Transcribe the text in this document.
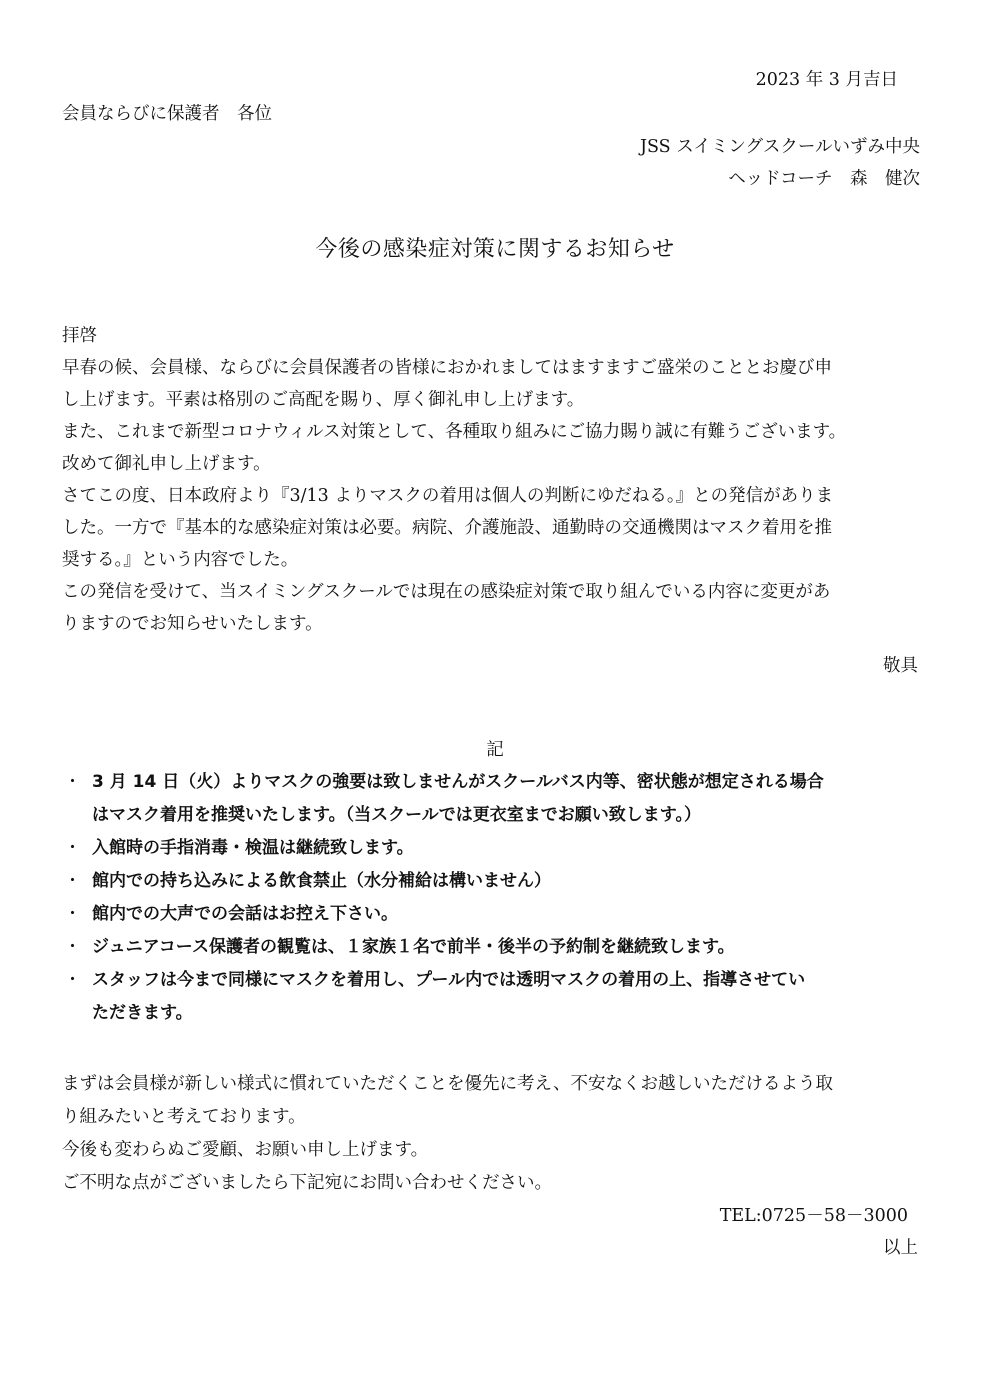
2023 年 3 月吉日
会員ならびに保護者　各位
JSS スイミングスクールいずみ中央
ヘッドコーチ　森　健次
今後の感染症対策に関するお知らせ
拝啓
早春の候、会員様、ならびに会員保護者の皆様におかれましてはますますご盛栄のこととお慶び申
し上げます。平素は格別のご高配を賜り、厚く御礼申し上げます。
また、これまで新型コロナウィルス対策として、各種取り組みにご協力賜り誠に有難うございます。
改めて御礼申し上げます。
さてこの度、日本政府より『3/13 よりマスクの着用は個人の判断にゆだねる。』との発信がありま
した。一方で『基本的な感染症対策は必要。病院、介護施設、通勤時の交通機関はマスク着用を推
奨する。』という内容でした。
この発信を受けて、当スイミングスクールでは現在の感染症対策で取り組んでいる内容に変更があ
りますのでお知らせいたします。
敬具
記
・ 3 月 14 日（火）よりマスクの強要は致しませんがスクールバス内等、密状態が想定される場合
はマスク着用を推奨いたします。（当スクールでは更衣室までお願い致します。）
・ 入館時の手指消毒・検温は継続致します。
・ 館内での持ち込みによる飲食禁止（水分補給は構いません）
・ 館内での大声での会話はお控え下さい。
・ ジュニアコース保護者の観覧は、１家族１名で前半・後半の予約制を継続致します。
・ スタッフは今まで同様にマスクを着用し、プール内では透明マスクの着用の上、指導させてい
ただきます。
まずは会員様が新しい様式に慣れていただくことを優先に考え、不安なくお越しいただけるよう取
り組みたいと考えております。
今後も変わらぬご愛顧、お願い申し上げます。
ご不明な点がございましたら下記宛にお問い合わせください。
TEL:0725－58－3000
以上
